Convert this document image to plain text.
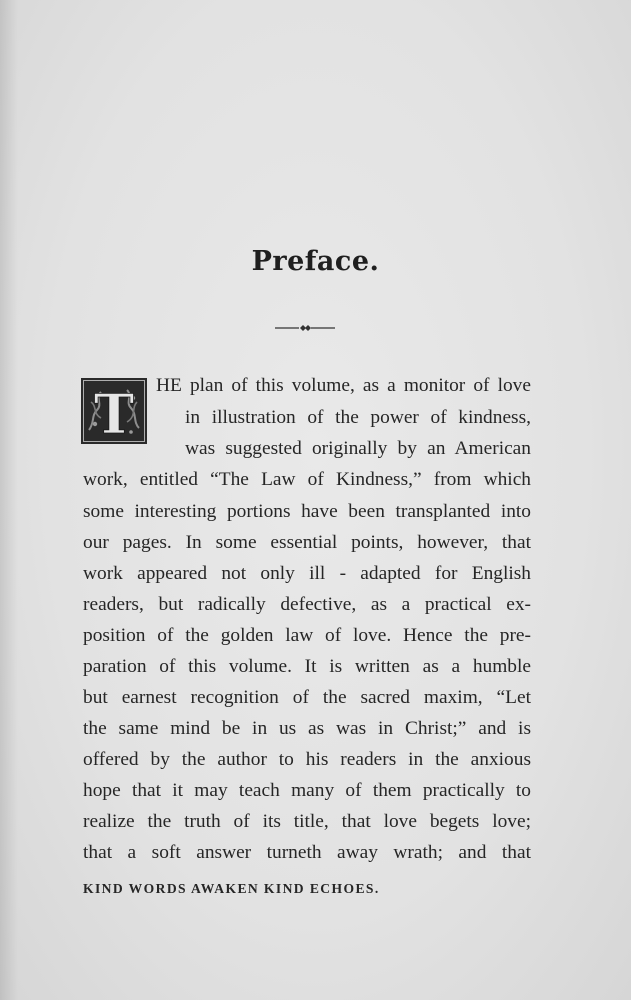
Preface.
T HE plan of this volume, as a monitor of love
in illustration of the power of kindness,
was suggested originally by an American
work, entitled “The Law of Kindness,” from which
some interesting portions have been transplanted into
our pages. In some essential points, however, that
work appeared not only ill - adapted for English
readers, but radically defective, as a practical ex-
position of the golden law of love. Hence the pre-
paration of this volume. It is written as a humble
but earnest recognition of the sacred maxim, “Let
the same mind be in us as was in Christ;” and is
offered by the author to his readers in the anxious
hope that it may teach many of them practically to
realize the truth of its title, that love begets love;
that a soft answer turneth away wrath; and that
KIND WORDS AWAKEN KIND ECHOES.
